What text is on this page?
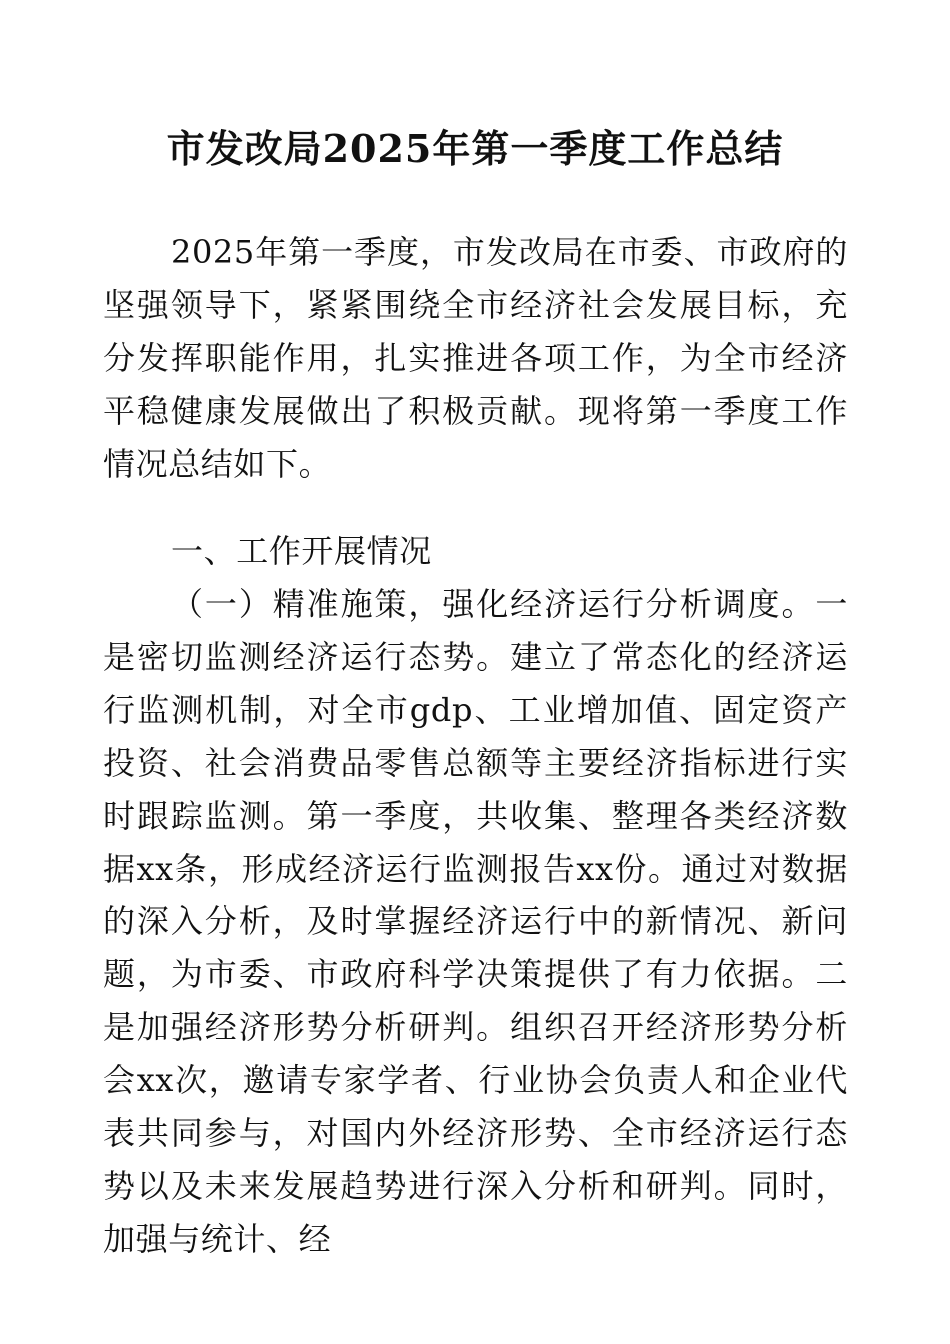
市发改局2025年第一季度工作总结

2025年第一季度，市发改局在市委、市政府的坚强领导下，紧紧围绕全市经济社会发展目标，充分发挥职能作用，扎实推进各项工作，为全市经济平稳健康发展做出了积极贡献。现将第一季度工作情况总结如下。

一、工作开展情况

（一）精准施策，强化经济运行分析调度。一是密切监测经济运行态势。建立了常态化的经济运行监测机制，对全市gdp、工业增加值、固定资产投资、社会消费品零售总额等主要经济指标进行实时跟踪监测。第一季度，共收集、整理各类经济数据xx条，形成经济运行监测报告xx份。通过对数据的深入分析，及时掌握经济运行中的新情况、新问题，为市委、市政府科学决策提供了有力依据。二是加强经济形势分析研判。组织召开经济形势分析会xx次，邀请专家学者、行业协会负责人和企业代表共同参与，对国内外经济形势、全市经济运行态势以及未来发展趋势进行深入分析和研判。同时，加强与统计、经
